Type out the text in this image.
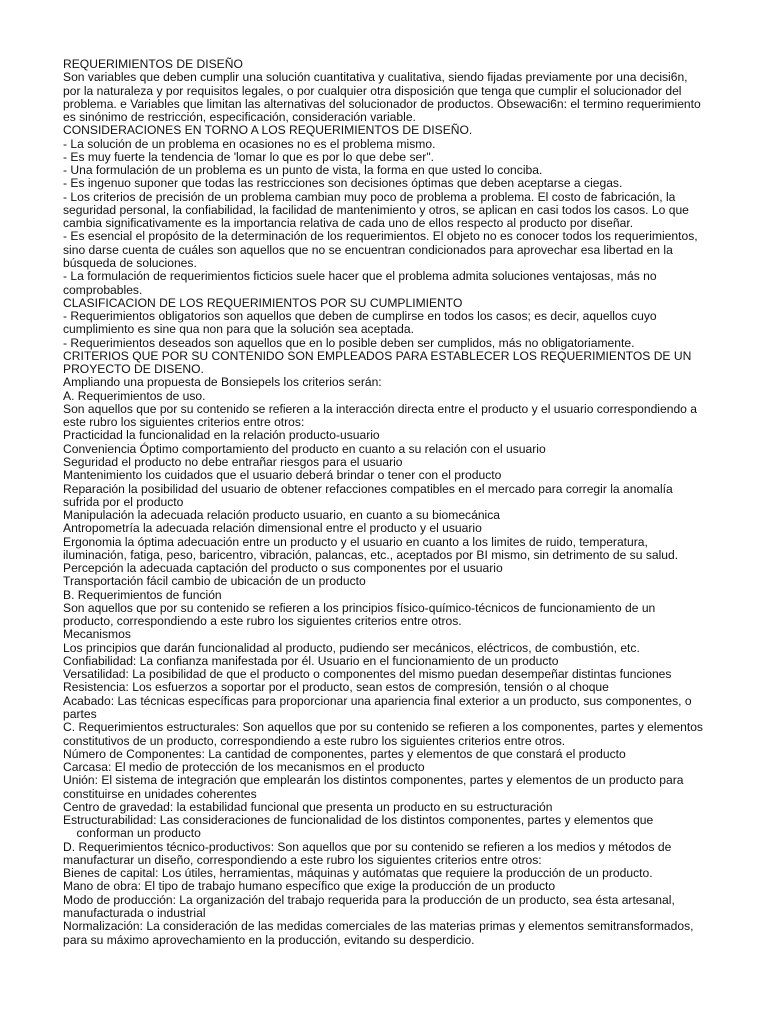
REQUERIMIENTOS DE DISEÑO
Son variables que deben cumplir una solución cuantitativa y cualitativa, siendo fijadas previamente por una decisi6n,
por la naturaleza y por requisitos legales, o por cualquier otra disposición que tenga que cumplir el solucionador del
problema. e Variables que limitan las alternativas del solucionador de productos. Obsewaci6n: el termino requerimiento
es sinónimo de restricción, especificación, consideración variable.
CONSIDERACIONES EN TORNO A LOS REQUERIMIENTOS DE DISEÑO.
- La solución de un problema en ocasiones no es el problema mismo.
- Es muy fuerte la tendencia de 'lomar lo que es por lo que debe ser".
- Una formulación de un problema es un punto de vista, la forma en que usted lo conciba.
- Es ingenuo suponer que todas las restricciones son decisiones óptimas que deben aceptarse a ciegas.
- Los criterios de precisión de un problema cambian muy poco de problema a problema. El costo de fabricación, la
seguridad personal, la confiabilidad, la facilidad de mantenimiento y otros, se aplican en casi todos los casos. Lo que
cambia significativamente es la importancia relativa de cada uno de ellos respecto al producto por diseñar.
- Es esencial el propósito de la determinación de los requerimientos. El objeto no es conocer todos los requerimientos,
sino darse cuenta de cuáles son aquellos que no se encuentran condicionados para aprovechar esa libertad en la
búsqueda de soluciones.
- La formulación de requerimientos ficticios suele hacer que el problema admita soluciones ventajosas, más no
comprobables.
CLASIFICACION DE LOS REQUERIMIENTOS POR SU CUMPLIMIENTO
- Requerimientos obligatorios son aquellos que deben de cumplirse en todos los casos; es decir, aquellos cuyo
cumplimiento es sine qua non para que la solución sea aceptada.
- Requerimientos deseados son aquellos que en lo posible deben ser cumplidos, más no obligatoriamente.
CRITERIOS QUE POR SU CONTENIDO SON EMPLEADOS PARA ESTABLECER LOS REQUERIMIENTOS DE UN
PROYECTO DE DISENO.
Ampliando una propuesta de Bonsiepels los criterios serán:
A. Requerimientos de uso.
Son aquellos que por su contenido se refieren a la interacción directa entre el producto y el usuario correspondiendo a
este rubro los siguientes criterios entre otros:
Practicidad la funcionalidad en la relación producto-usuario
Conveniencia Óptimo comportamiento del producto en cuanto a su relación con el usuario
Seguridad el producto no debe entrañar riesgos para el usuario
Mantenimiento los cuidados que el usuario deberá brindar o tener con el producto
Reparación la posibilidad del usuario de obtener refacciones compatibles en el mercado para corregir la anomalía
sufrida por el producto
Manipulación la adecuada relación producto usuario, en cuanto a su biomecánica
Antropometría la adecuada relación dimensional entre el producto y el usuario
Ergonomia la óptima adecuación entre un producto y el usuario en cuanto a los limites de ruido, temperatura,
iluminación, fatiga, peso, baricentro, vibración, palancas, etc., aceptados por BI mismo, sin detrimento de su salud.
Percepción la adecuada captación del producto o sus componentes por el usuario
Transportación fácil cambio de ubicación de un producto
B. Requerimientos de función
Son aquellos que por su contenido se refieren a los principios físico-químico-técnicos de funcionamiento de un
producto, correspondiendo a este rubro los siguientes criterios entre otros.
Mecanismos
Los principios que darán funcionalidad al producto, pudiendo ser mecánicos, eléctricos, de combustión, etc.
Confiabilidad: La confianza manifestada por él. Usuario en el funcionamiento de un producto
Versatilidad: La posibilidad de que el producto o componentes del mismo puedan desempeñar distintas funciones
Resistencia: Los esfuerzos a soportar por el producto, sean estos de compresión, tensión o al choque
Acabado: Las técnicas específicas para proporcionar una apariencia final exterior a un producto, sus componentes, o
partes
C. Requerimientos estructurales: Son aquellos que por su contenido se refieren a los componentes, partes y elementos
constitutivos de un producto, correspondiendo a este rubro los siguientes criterios entre otros.
Número de Componentes: La cantidad de componentes, partes y elementos de que constará el producto
Carcasa: El medio de protección de los mecanismos en el producto
Unión: El sistema de integración que emplearán los distintos componentes, partes y elementos de un producto para
constituirse en unidades coherentes
Centro de gravedad: la estabilidad funcional que presenta un producto en su estructuración
Estructurabilidad: Las consideraciones de funcionalidad de los distintos componentes, partes y elementos que
conforman un producto
D. Requerimientos técnico-productivos: Son aquellos que por su contenido se refieren a los medios y métodos de
manufacturar un diseño, correspondiendo a este rubro los siguientes criterios entre otros:
Bienes de capital: Los útiles, herramientas, máquinas y autómatas que requiere la producción de un producto.
Mano de obra: El tipo de trabajo humano específico que exige la producción de un producto
Modo de producción: La organización del trabajo requerida para la producción de un producto, sea ésta artesanal,
manufacturada o industrial
Normalización: La consideración de las medidas comerciales de las materias primas y elementos semitransformados,
para su máximo aprovechamiento en la producción, evitando su desperdicio.
